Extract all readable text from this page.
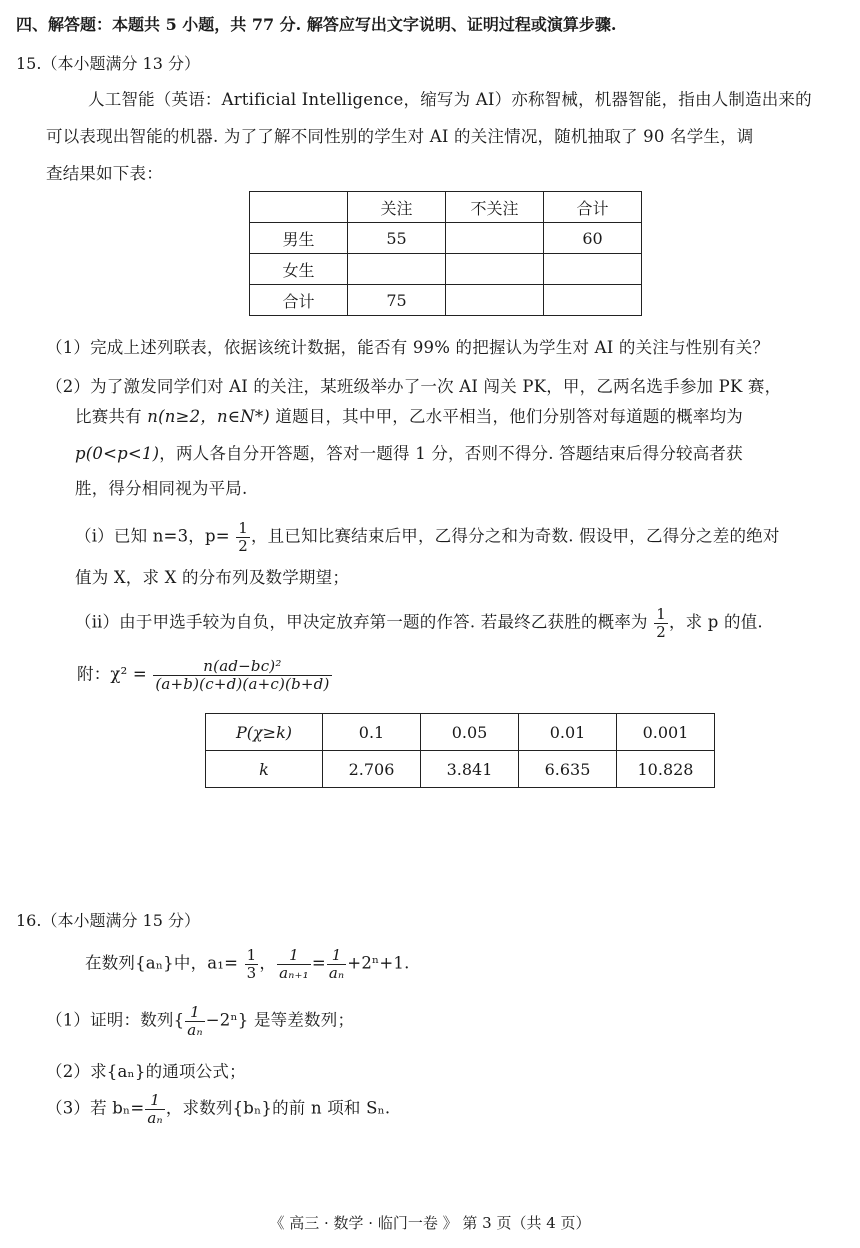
四、解答题：本题共 5 小题，共 77 分. 解答应写出文字说明、证明过程或演算步骤.
15.（本小题满分 13 分）
人工智能（英语：Artificial Intelligence，缩写为 AI）亦称智械，机器智能，指由人制造出来的
可以表现出智能的机器. 为了了解不同性别的学生对 AI 的关注情况，随机抽取了 90 名学生，调
查结果如下表：
	关注	不关注	合计
男生	55		60
女生			
合计	75		
（1）完成上述列联表，依据该统计数据，能否有 99% 的把握认为学生对 AI 的关注与性别有关？
（2）为了激发同学们对 AI 的关注，某班级举办了一次 AI 闯关 PK，甲，乙两名选手参加 PK 赛，
比赛共有 n(n≥2，n∈N*) 道题目，其中甲，乙水平相当，他们分别答对每道题的概率均为
p(0<p<1)，两人各自分开答题，答对一题得 1 分，否则不得分. 答题结束后得分较高者获
胜，得分相同视为平局.
（ⅰ）已知 n=3，$p= \frac{1}{2}$ ，且已知比赛结束后甲，乙得分之和为奇数. 假设甲，乙得分之差的绝对
值为 X，求 X 的分布列及数学期望；
（ⅱ）由于甲选手较为自负，甲决定放弃第一题的作答. 若最终乙获胜的概率为 $\frac{1}{2}$ ，求 p 的值.
附：$\chi^2 = \frac{\text{n(ad−bc)²}}{(a+b)(c+d)(a+c)(b+d)}$
P(χ≥k)	0.1	0.05	0.01	0.001
k	2.706	3.841	6.635	10.828
16.（本小题满分 15 分）
在数列{aₙ}中，$a_1= \frac{1}{3}$ ， $\frac{1}{\text{aₙ₊₁}} = \frac{1}{\text{aₙ}} +2^n+1$.
（1）证明：数列{ $\frac{1}{\text{aₙ}} -2^n$} 是等差数列；
（2）求{aₙ}的通项公式；
（3）若 $b_n= \frac{1}{\text{aₙ}}$ ，求数列{bₙ}的前 n 项和 Sₙ.
《 高三 · 数学 · 临门一卷 》 第 3 页（共 4 页）
